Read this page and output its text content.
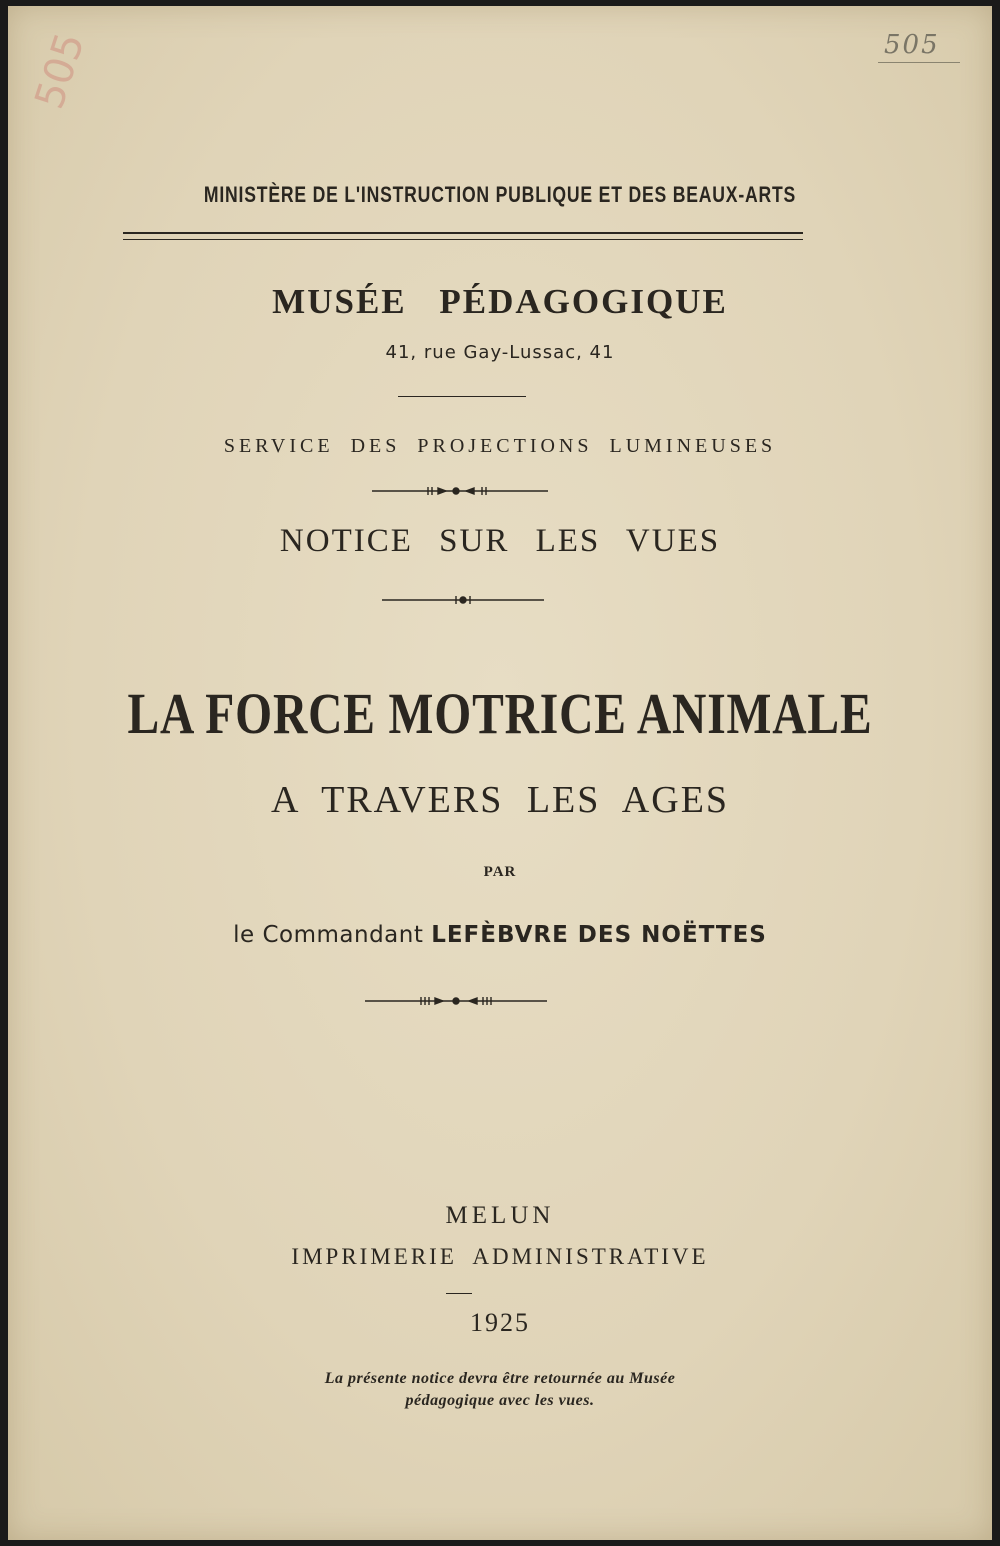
505	505
MINISTÈRE DE L'INSTRUCTION PUBLIQUE ET DES BEAUX-ARTS
MUSÉE PÉDAGOGIQUE
41, rue Gay-Lussac, 41
SERVICE DES PROJECTIONS LUMINEUSES
NOTICE SUR LES VUES
LA FORCE MOTRICE ANIMALE
A TRAVERS LES AGES
PAR
le Commandant LEFÈBVRE DES NOËTTES
MELUN
IMPRIMERIE ADMINISTRATIVE
1925
La présente notice devra être retournée au Musée
pédagogique avec les vues.
